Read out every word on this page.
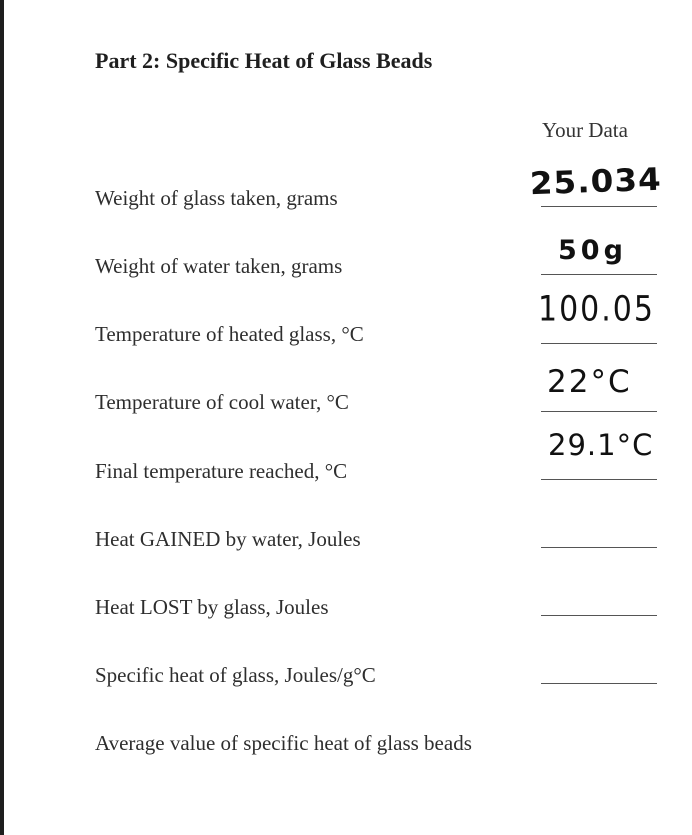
Part 2: Specific Heat of Glass Beads
Your Data
Weight of glass taken, grams	25.034
Weight of water taken, grams	50g
Temperature of heated glass, °C
100.05
Temperature of cool water, °C
22°C
Final temperature reached, °C
29.1°C
Heat GAINED by water, Joules
Heat LOST by glass, Joules
Specific heat of glass, Joules/g°C
Average value of specific heat of glass beads
